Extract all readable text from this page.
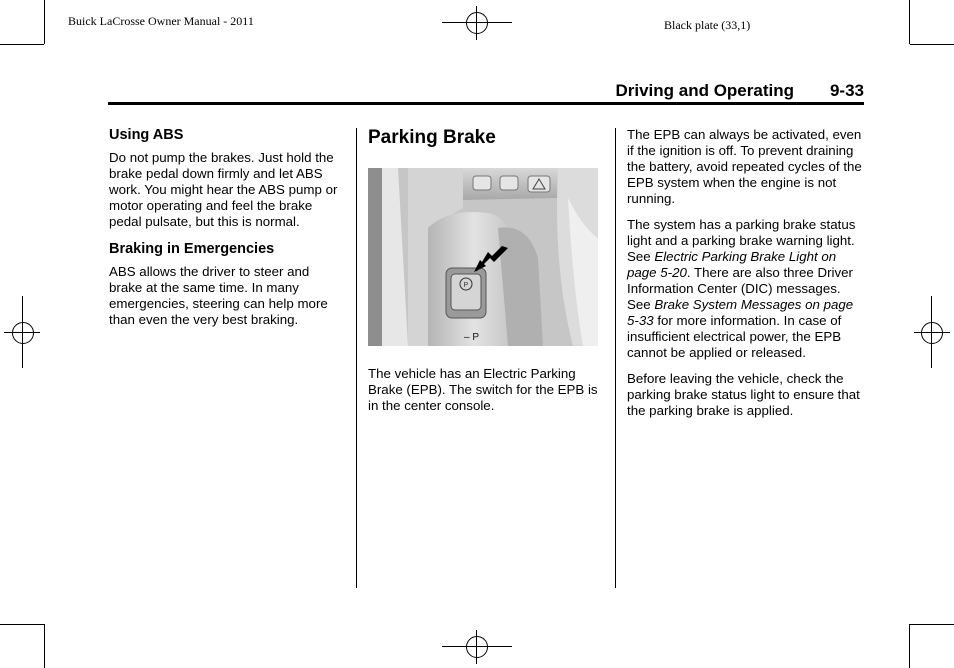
Buick LaCrosse Owner Manual - 2011	Black plate (33,1)
Driving and Operating 9-33
Using ABS

Do not pump the brakes. Just hold the brake pedal down firmly and let ABS work. You might hear the ABS pump or motor operating and feel the brake pedal pulsate, but this is normal.

Braking in Emergencies

ABS allows the driver to steer and brake at the same time. In many emergencies, steering can help more than even the very best braking.

Parking Brake
P
– P

The vehicle has an Electric Parking Brake (EPB). The switch for the EPB is in the center console.

The EPB can always be activated, even if the ignition is off. To prevent draining the battery, avoid repeated cycles of the EPB system when the engine is not running.

The system has a parking brake status light and a parking brake warning light. See Electric Parking Brake Light on page 5-20. There are also three Driver Information Center (DIC) messages. See Brake System Messages on page 5-33 for more information. In case of insufficient electrical power, the EPB cannot be applied or released.

Before leaving the vehicle, check the parking brake status light to ensure that the parking brake is applied.
